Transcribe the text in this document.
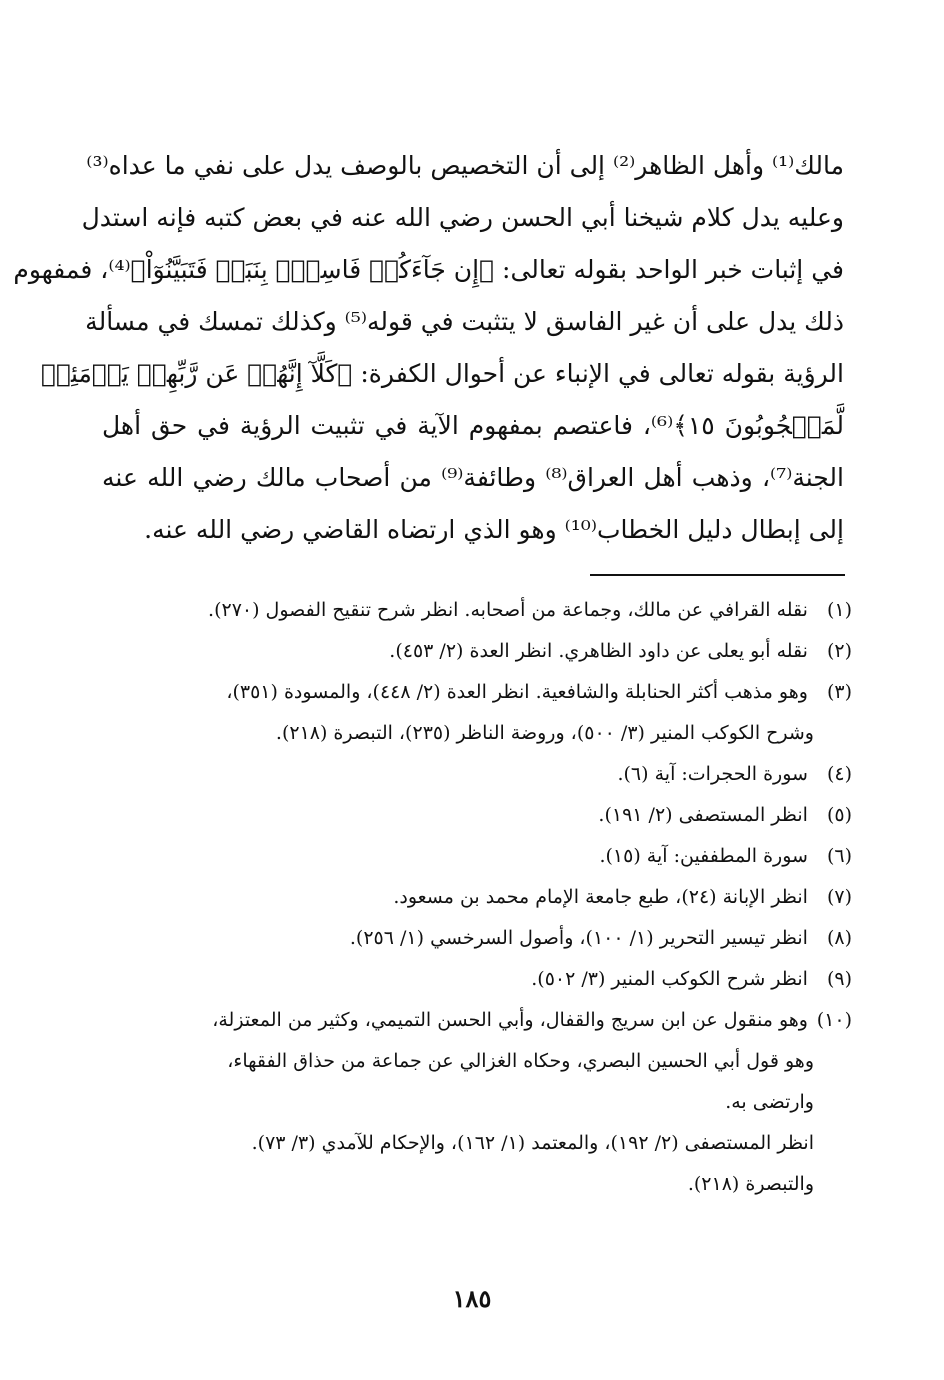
مالك⁽¹⁾ وأهل الظاهر⁽²⁾ إلى أن التخصيص بالوصف يدل على نفي ما عداه⁽³⁾
وعليه يدل كلام شيخنا أبي الحسن رضي الله عنه في بعض كتبه فإنه استدل
في إثبات خبر الواحد بقوله تعالى: ﴿إِن جَآءَكُمۡ فَاسِقُۢ بِنَبَإٖ فَتَبَيَّنُوٓاْ﴾⁽⁴⁾، فمفهوم
ذلك يدل على أن غير الفاسق لا يتثبت في قوله⁽⁵⁾ وكذلك تمسك في مسألة
الرؤية بقوله تعالى في الإنباء عن أحوال الكفرة: ﴿كَلَّآ إِنَّهُمۡ عَن رَّبِّهِمۡ يَوۡمَئِذٖ
لَّمَحۡجُوبُونَ ١٥﴾⁽⁶⁾، فاعتصم بمفهوم الآية في تثبيت الرؤية في حق أهل
الجنة⁽⁷⁾، وذهب أهل العراق⁽⁸⁾ وطائفة⁽⁹⁾ من أصحاب مالك رضي الله عنه
إلى إبطال دليل الخطاب⁽¹⁰⁾ وهو الذي ارتضاه القاضي رضي الله عنه.
(١) نقله القرافي عن مالك، وجماعة من أصحابه. انظر شرح تنقيح الفصول (٢٧٠).
(٢) نقله أبو يعلى عن داود الظاهري. انظر العدة (٢/ ٤٥٣).
(٣) وهو مذهب أكثر الحنابلة والشافعية. انظر العدة (٢/ ٤٤٨)، والمسودة (٣٥١)،
وشرح الكوكب المنير (٣/ ٥٠٠)، وروضة الناظر (٢٣٥)، التبصرة (٢١٨).
(٤) سورة الحجرات: آية (٦).
(٥) انظر المستصفى (٢/ ١٩١).
(٦) سورة المطففين: آية (١٥).
(٧) انظر الإبانة (٢٤)، طبع جامعة الإمام محمد بن مسعود.
(٨) انظر تيسير التحرير (١/ ١٠٠)، وأصول السرخسي (١/ ٢٥٦).
(٩) انظر شرح الكوكب المنير (٣/ ٥٠٢).
(١٠) وهو منقول عن ابن سريج والقفال، وأبي الحسن التميمي، وكثير من المعتزلة،
وهو قول أبي الحسين البصري، وحكاه الغزالي عن جماعة من حذاق الفقهاء،
وارتضى به.
انظر المستصفى (٢/ ١٩٢)، والمعتمد (١/ ١٦٢)، والإحكام للآمدي (٣/ ٧٣).
والتبصرة (٢١٨).
١٨٥
